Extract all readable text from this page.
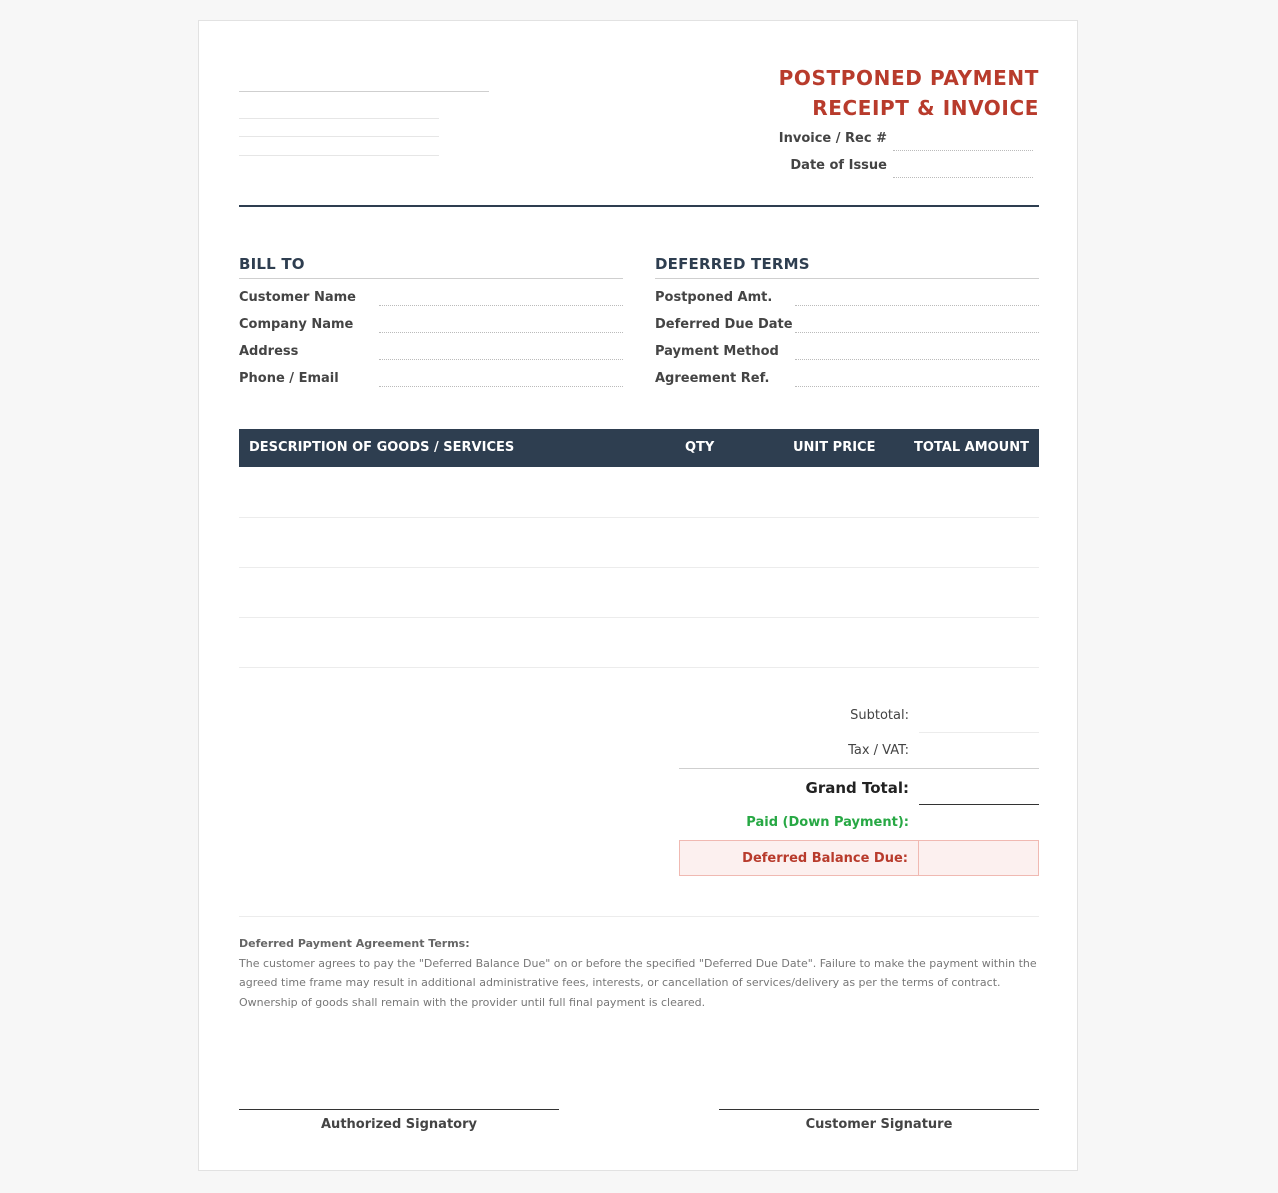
POSTPONED PAYMENT
RECEIPT & INVOICE
Invoice / Rec #
Date of Issue
BILL TO
Customer Name
Company Name
Address
Phone / Email
DEFERRED TERMS
Postponed Amt.
Deferred Due Date
Payment Method
Agreement Ref.
DESCRIPTION OF GOODS / SERVICES	QTY	UNIT PRICE	TOTAL AMOUNT
Subtotal:
Tax / VAT:
Grand Total:
Paid (Down Payment):
Deferred Balance Due:
Deferred Payment Agreement Terms:
The customer agrees to pay the "Deferred Balance Due" on or before the specified "Deferred Due Date". Failure to make the payment within the agreed time frame may result in additional administrative fees, interests, or cancellation of services/delivery as per the terms of contract. Ownership of goods shall remain with the provider until full final payment is cleared.
Authorized Signatory	Customer Signature
